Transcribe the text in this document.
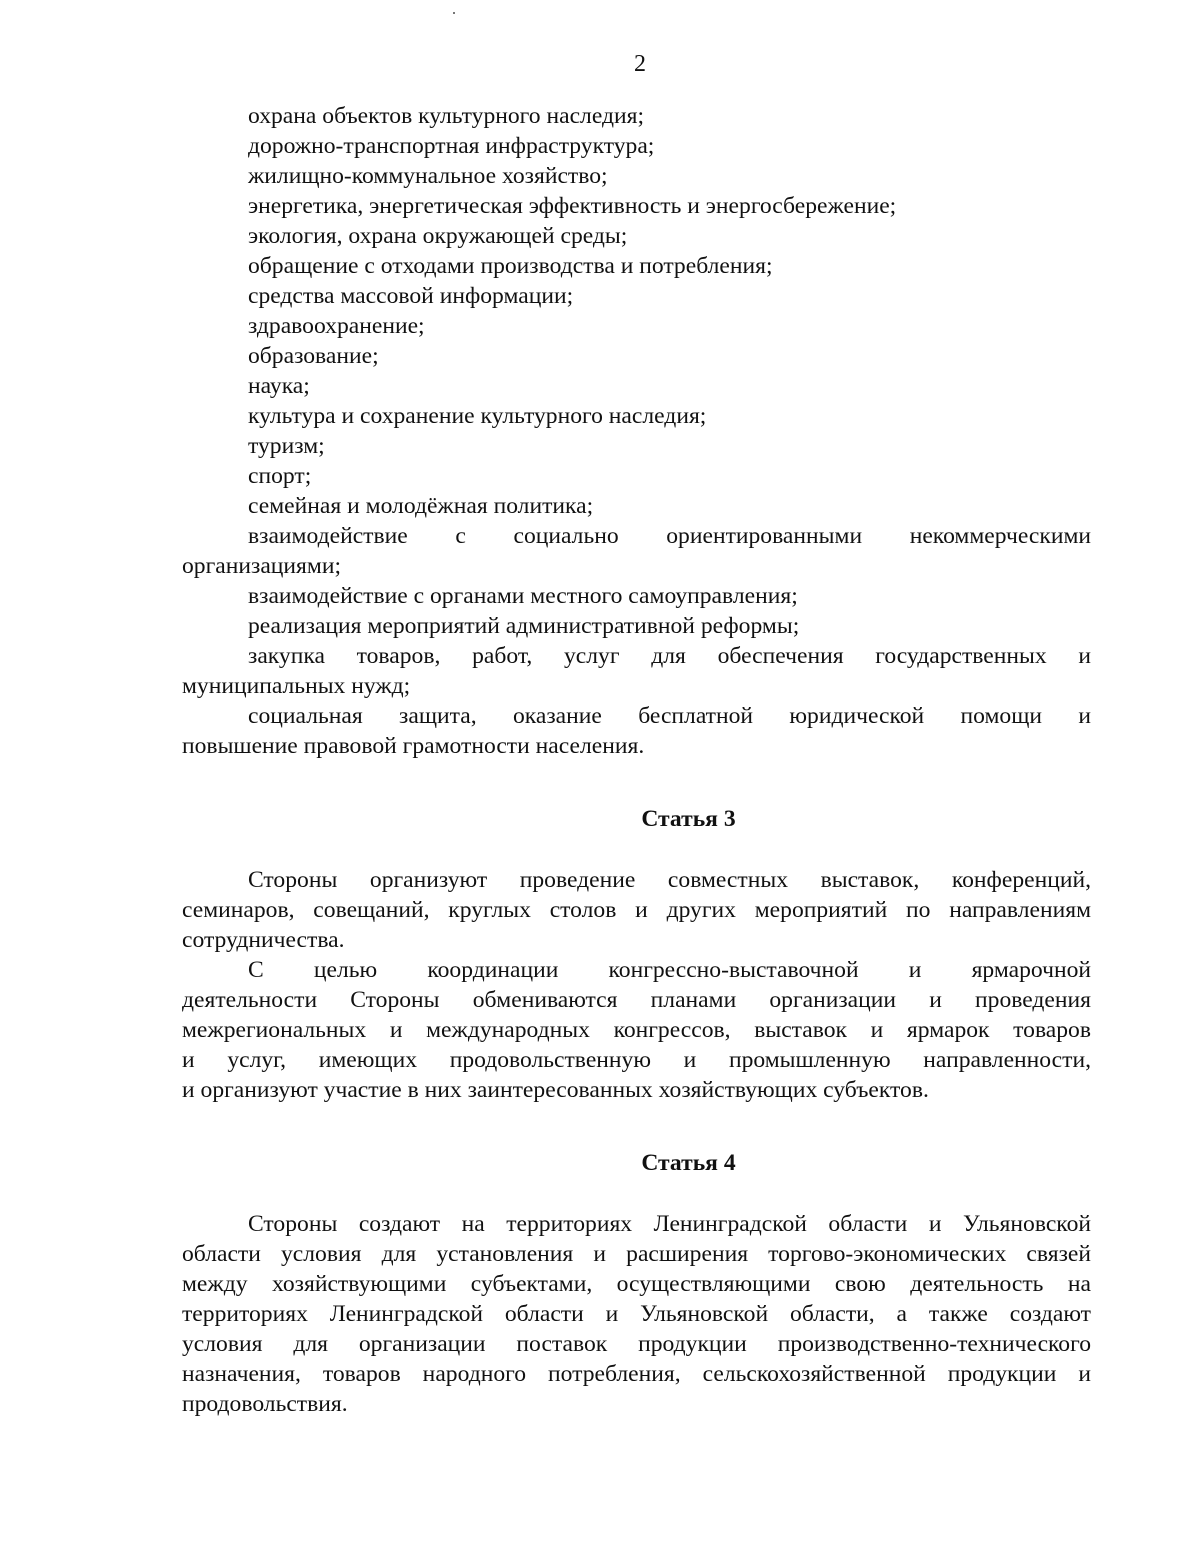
2

охрана объектов культурного наследия;

дорожно-транспортная инфраструктура;

жилищно-коммунальное хозяйство;

энергетика, энергетическая эффективность и энергосбережение;

экология, охрана окружающей среды;

обращение с отходами производства и потребления;

средства массовой информации;

здравоохранение;

образование;

наука;

культура и сохранение культурного наследия;

туризм;

спорт;

семейная и молодёжная политика;

взаимодействие с социально ориентированными некоммерческими
организациями;

взаимодействие с органами местного самоуправления;

реализация мероприятий административной реформы;

закупка товаров, работ, услуг для обеспечения государственных и
муниципальных нужд;

социальная защита, оказание бесплатной юридической помощи и
повышение правовой грамотности населения.

Статья 3

Стороны организуют проведение совместных выставок, конференций,
семинаров, совещаний, круглых столов и других мероприятий по направлениям
сотрудничества.

С целью координации конгрессно-выставочной и ярмарочной
деятельности Стороны обмениваются планами организации и проведения
межрегиональных и международных конгрессов, выставок и ярмарок товаров
и услуг, имеющих продовольственную и промышленную направленности,
и организуют участие в них заинтересованных хозяйствующих субъектов.

Статья 4

Стороны создают на территориях Ленинградской области и Ульяновской
области условия для установления и расширения торгово-экономических связей
между хозяйствующими субъектами, осуществляющими свою деятельность на
территориях Ленинградской области и Ульяновской области, а также создают
условия для организации поставок продукции производственно-технического
назначения, товаров народного потребления, сельскохозяйственной продукции и
продовольствия.
